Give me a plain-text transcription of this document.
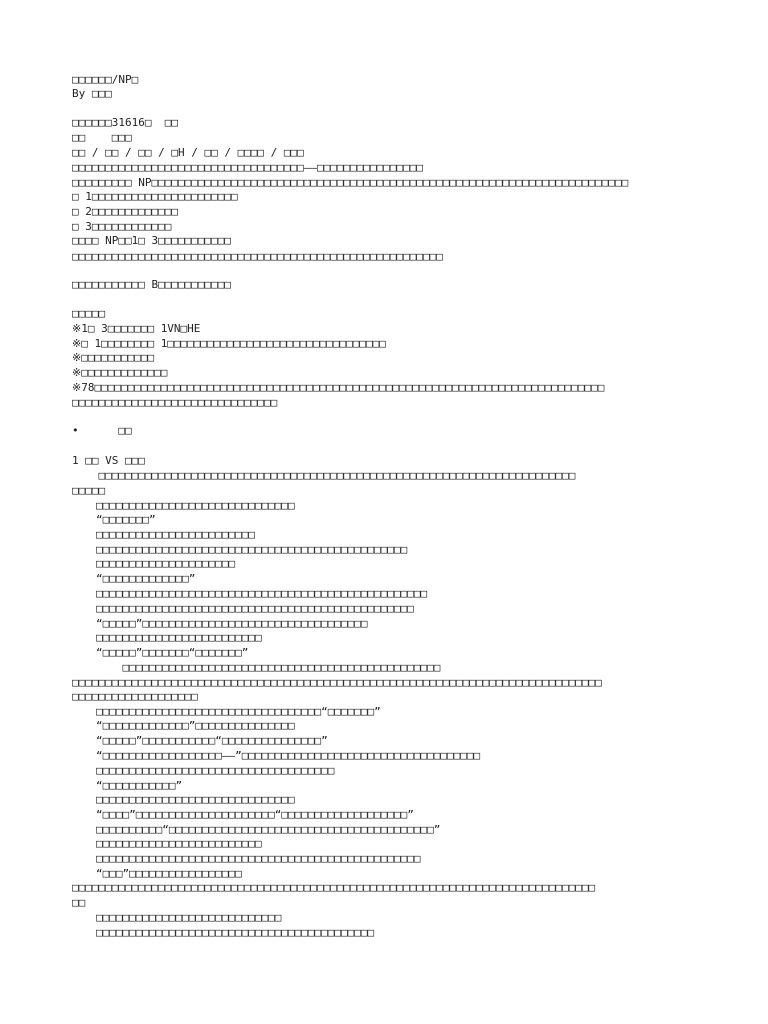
□□□□□□/NP□
By □□□
□□□□□□31616□  □□
□□    □□□
□□ / □□ / □□ / □H / □□ / □□□□ / □□□
□□□□□□□□□□□□□□□□□□□□□□□□□□□□□□□□□□□——□□□□□□□□□□□□□□□□
□□□□□□□□□ NP□□□□□□□□□□□□□□□□□□□□□□□□□□□□□□□□□□□□□□□□□□□□□□□□□□□□□□□□□□□□□□□□□□□□□□□□
□ 1□□□□□□□□□□□□□□□□□□□□□□
□ 2□□□□□□□□□□□□□
□ 3□□□□□□□□□□□□
□□□□ NP□□1□ 3□□□□□□□□□□□
□□□□□□□□□□□□□□□□□□□□□□□□□□□□□□□□□□□□□□□□□□□□□□□□□□□□□□□□
□□□□□□□□□□□ B□□□□□□□□□□□
□□□□□
※1□ 3□□□□□□□ 1VN□HE
※□ 1□□□□□□□□ 1□□□□□□□□□□□□□□□□□□□□□□□□□□□□□□□□□
※□□□□□□□□□□□
※□□□□□□□□□□□□□
※78□□□□□□□□□□□□□□□□□□□□□□□□□□□□□□□□□□□□□□□□□□□□□□□□□□□□□□□□□□□□□□□□□□□□□□□□□□□□□
□□□□□□□□□□□□□□□□□□□□□□□□□□□□□□□
•      □□
1 □□ VS □□□
□□□□□□□□□□□□□□□□□□□□□□□□□□□□□□□□□□□□□□□□□□□□□□□□□□□□□□□□□□□□□□□□□□□□□□□□
□□□□□
□□□□□□□□□□□□□□□□□□□□□□□□□□□□□□
“□□□□□□□”
□□□□□□□□□□□□□□□□□□□□□□□□
□□□□□□□□□□□□□□□□□□□□□□□□□□□□□□□□□□□□□□□□□□□□□□□
□□□□□□□□□□□□□□□□□□□□□
“□□□□□□□□□□□□□”
□□□□□□□□□□□□□□□□□□□□□□□□□□□□□□□□□□□□□□□□□□□□□□□□□□
□□□□□□□□□□□□□□□□□□□□□□□□□□□□□□□□□□□□□□□□□□□□□□□□
“□□□□□”□□□□□□□□□□□□□□□□□□□□□□□□□□□□□□□□□□
□□□□□□□□□□□□□□□□□□□□□□□□□
“□□□□□”□□□□□□□“□□□□□□□”
□□□□□□□□□□□□□□□□□□□□□□□□□□□□□□□□□□□□□□□□□□□□□□□□
□□□□□□□□□□□□□□□□□□□□□□□□□□□□□□□□□□□□□□□□□□□□□□□□□□□□□□□□□□□□□□□□□□□□□□□□□□□□□□□□
□□□□□□□□□□□□□□□□□□□
□□□□□□□□□□□□□□□□□□□□□□□□□□□□□□□□□□“□□□□□□□”
“□□□□□□□□□□□□□”□□□□□□□□□□□□□□□
“□□□□□”□□□□□□□□□□□“□□□□□□□□□□□□□□□”
“□□□□□□□□□□□□□□□□□□——”□□□□□□□□□□□□□□□□□□□□□□□□□□□□□□□□□□□□
□□□□□□□□□□□□□□□□□□□□□□□□□□□□□□□□□□□□
“□□□□□□□□□□□”
□□□□□□□□□□□□□□□□□□□□□□□□□□□□□□
“□□□□”□□□□□□□□□□□□□□□□□□□□□“□□□□□□□□□□□□□□□□□□□”
□□□□□□□□□□“□□□□□□□□□□□□□□□□□□□□□□□□□□□□□□□□□□□□□□□□”
□□□□□□□□□□□□□□□□□□□□□□□□□
□□□□□□□□□□□□□□□□□□□□□□□□□□□□□□□□□□□□□□□□□□□□□□□□□
“□□□”□□□□□□□□□□□□□□□□□
□□□□□□□□□□□□□□□□□□□□□□□□□□□□□□□□□□□□□□□□□□□□□□□□□□□□□□□□□□□□□□□□□□□□□□□□□□□□□□□
□□
□□□□□□□□□□□□□□□□□□□□□□□□□□□□
□□□□□□□□□□□□□□□□□□□□□□□□□□□□□□□□□□□□□□□□□□
